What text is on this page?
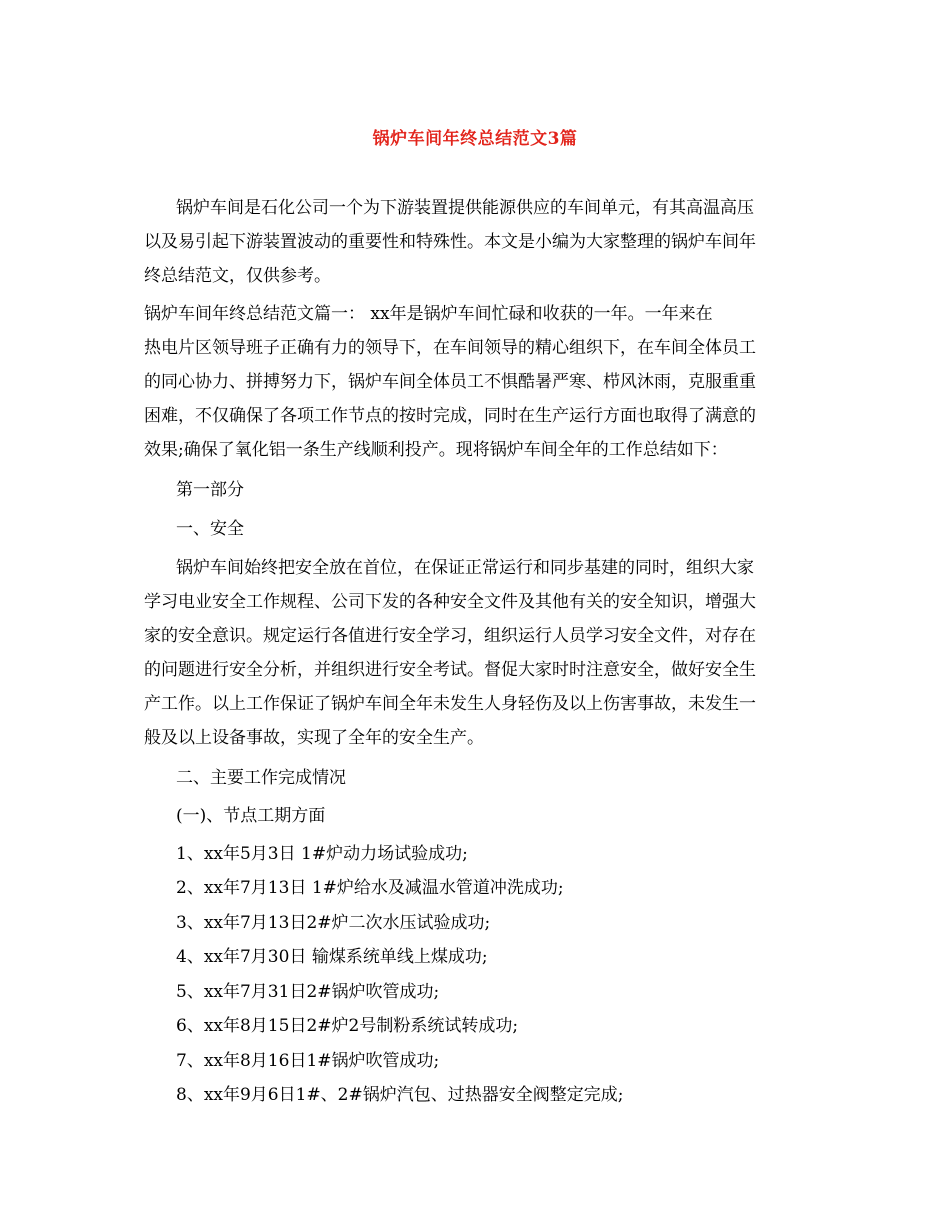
锅炉车间年终总结范文3篇
锅炉车间是石化公司一个为下游装置提供能源供应的车间单元，有其高温高压
以及易引起下游装置波动的重要性和特殊性。本文是小编为大家整理的锅炉车间年
终总结范文，仅供参考。
锅炉车间年终总结范文篇一： xx年是锅炉车间忙碌和收获的一年。一年来在
热电片区领导班子正确有力的领导下，在车间领导的精心组织下，在车间全体员工
的同心协力、拼搏努力下，锅炉车间全体员工不惧酷暑严寒、栉风沐雨，克服重重
困难，不仅确保了各项工作节点的按时完成，同时在生产运行方面也取得了满意的
效果;确保了氧化铝一条生产线顺利投产。现将锅炉车间全年的工作总结如下：
第一部分
一、安全
锅炉车间始终把安全放在首位，在保证正常运行和同步基建的同时，组织大家
学习电业安全工作规程、公司下发的各种安全文件及其他有关的安全知识，增强大
家的安全意识。规定运行各值进行安全学习，组织运行人员学习安全文件，对存在
的问题进行安全分析，并组织进行安全考试。督促大家时时注意安全，做好安全生
产工作。以上工作保证了锅炉车间全年未发生人身轻伤及以上伤害事故，未发生一
般及以上设备事故，实现了全年的安全生产。
二、主要工作完成情况
(一)、节点工期方面
1、xx年5月3日 1#炉动力场试验成功;
2、xx年7月13日 1#炉给水及减温水管道冲洗成功;
3、xx年7月13日2#炉二次水压试验成功;
4、xx年7月30日 输煤系统单线上煤成功;
5、xx年7月31日2#锅炉吹管成功;
6、xx年8月15日2#炉2号制粉系统试转成功;
7、xx年8月16日1#锅炉吹管成功;
8、xx年9月6日1#、2#锅炉汽包、过热器安全阀整定完成;
